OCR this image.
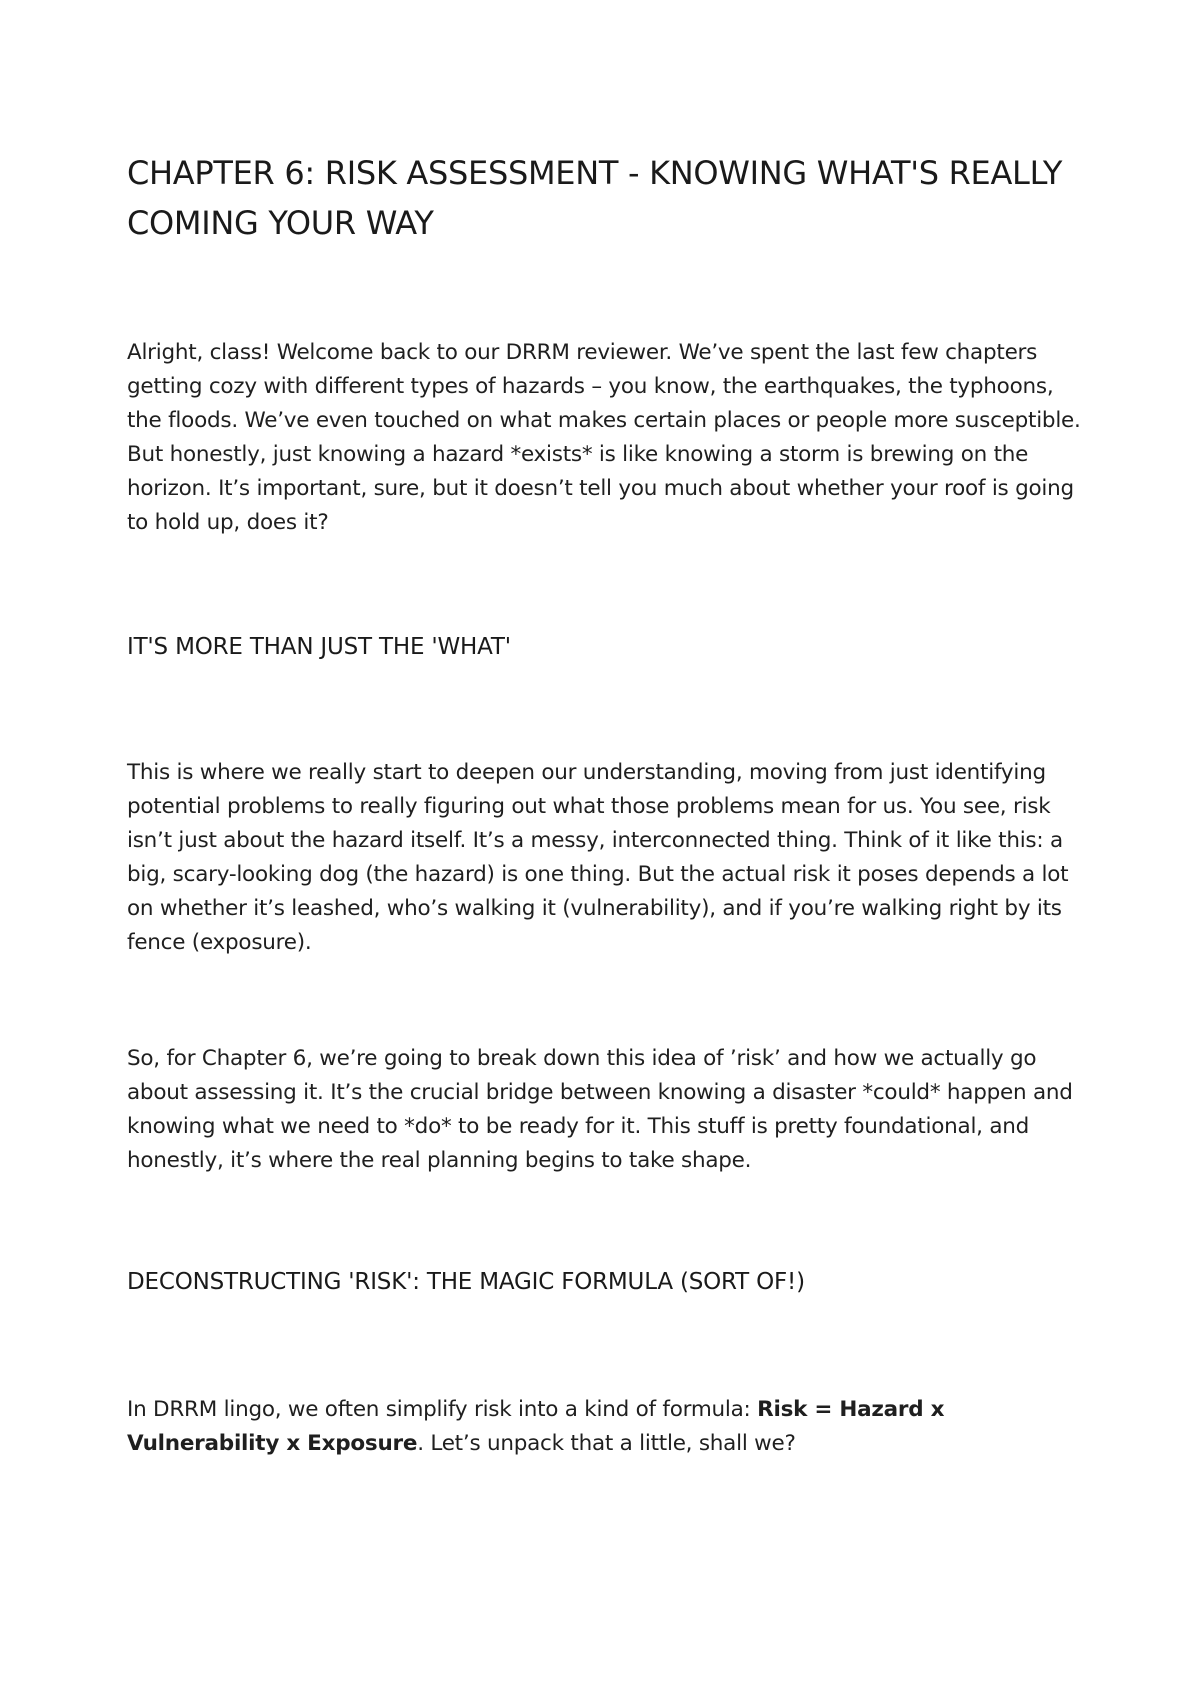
CHAPTER 6: RISK ASSESSMENT - KNOWING WHAT'S REALLY COMING YOUR WAY

Alright, class! Welcome back to our DRRM reviewer. We’ve spent the last few chapters getting cozy with different types of hazards – you know, the earthquakes, the typhoons, the floods. We’ve even touched on what makes certain places or people more susceptible. But honestly, just knowing a hazard *exists* is like knowing a storm is brewing on the horizon. It’s important, sure, but it doesn’t tell you much about whether your roof is going to hold up, does it?

IT'S MORE THAN JUST THE 'WHAT'

This is where we really start to deepen our understanding, moving from just identifying potential problems to really figuring out what those problems mean for us. You see, risk isn’t just about the hazard itself. It’s a messy, interconnected thing. Think of it like this: a big, scary-looking dog (the hazard) is one thing. But the actual risk it poses depends a lot on whether it’s leashed, who’s walking it (vulnerability), and if you’re walking right by its fence (exposure).

So, for Chapter 6, we’re going to break down this idea of ’risk’ and how we actually go about assessing it. It’s the crucial bridge between knowing a disaster *could* happen and knowing what we need to *do* to be ready for it. This stuff is pretty foundational, and honestly, it’s where the real planning begins to take shape.

DECONSTRUCTING 'RISK': THE MAGIC FORMULA (SORT OF!)

In DRRM lingo, we often simplify risk into a kind of formula: Risk = Hazard x Vulnerability x Exposure. Let’s unpack that a little, shall we?
